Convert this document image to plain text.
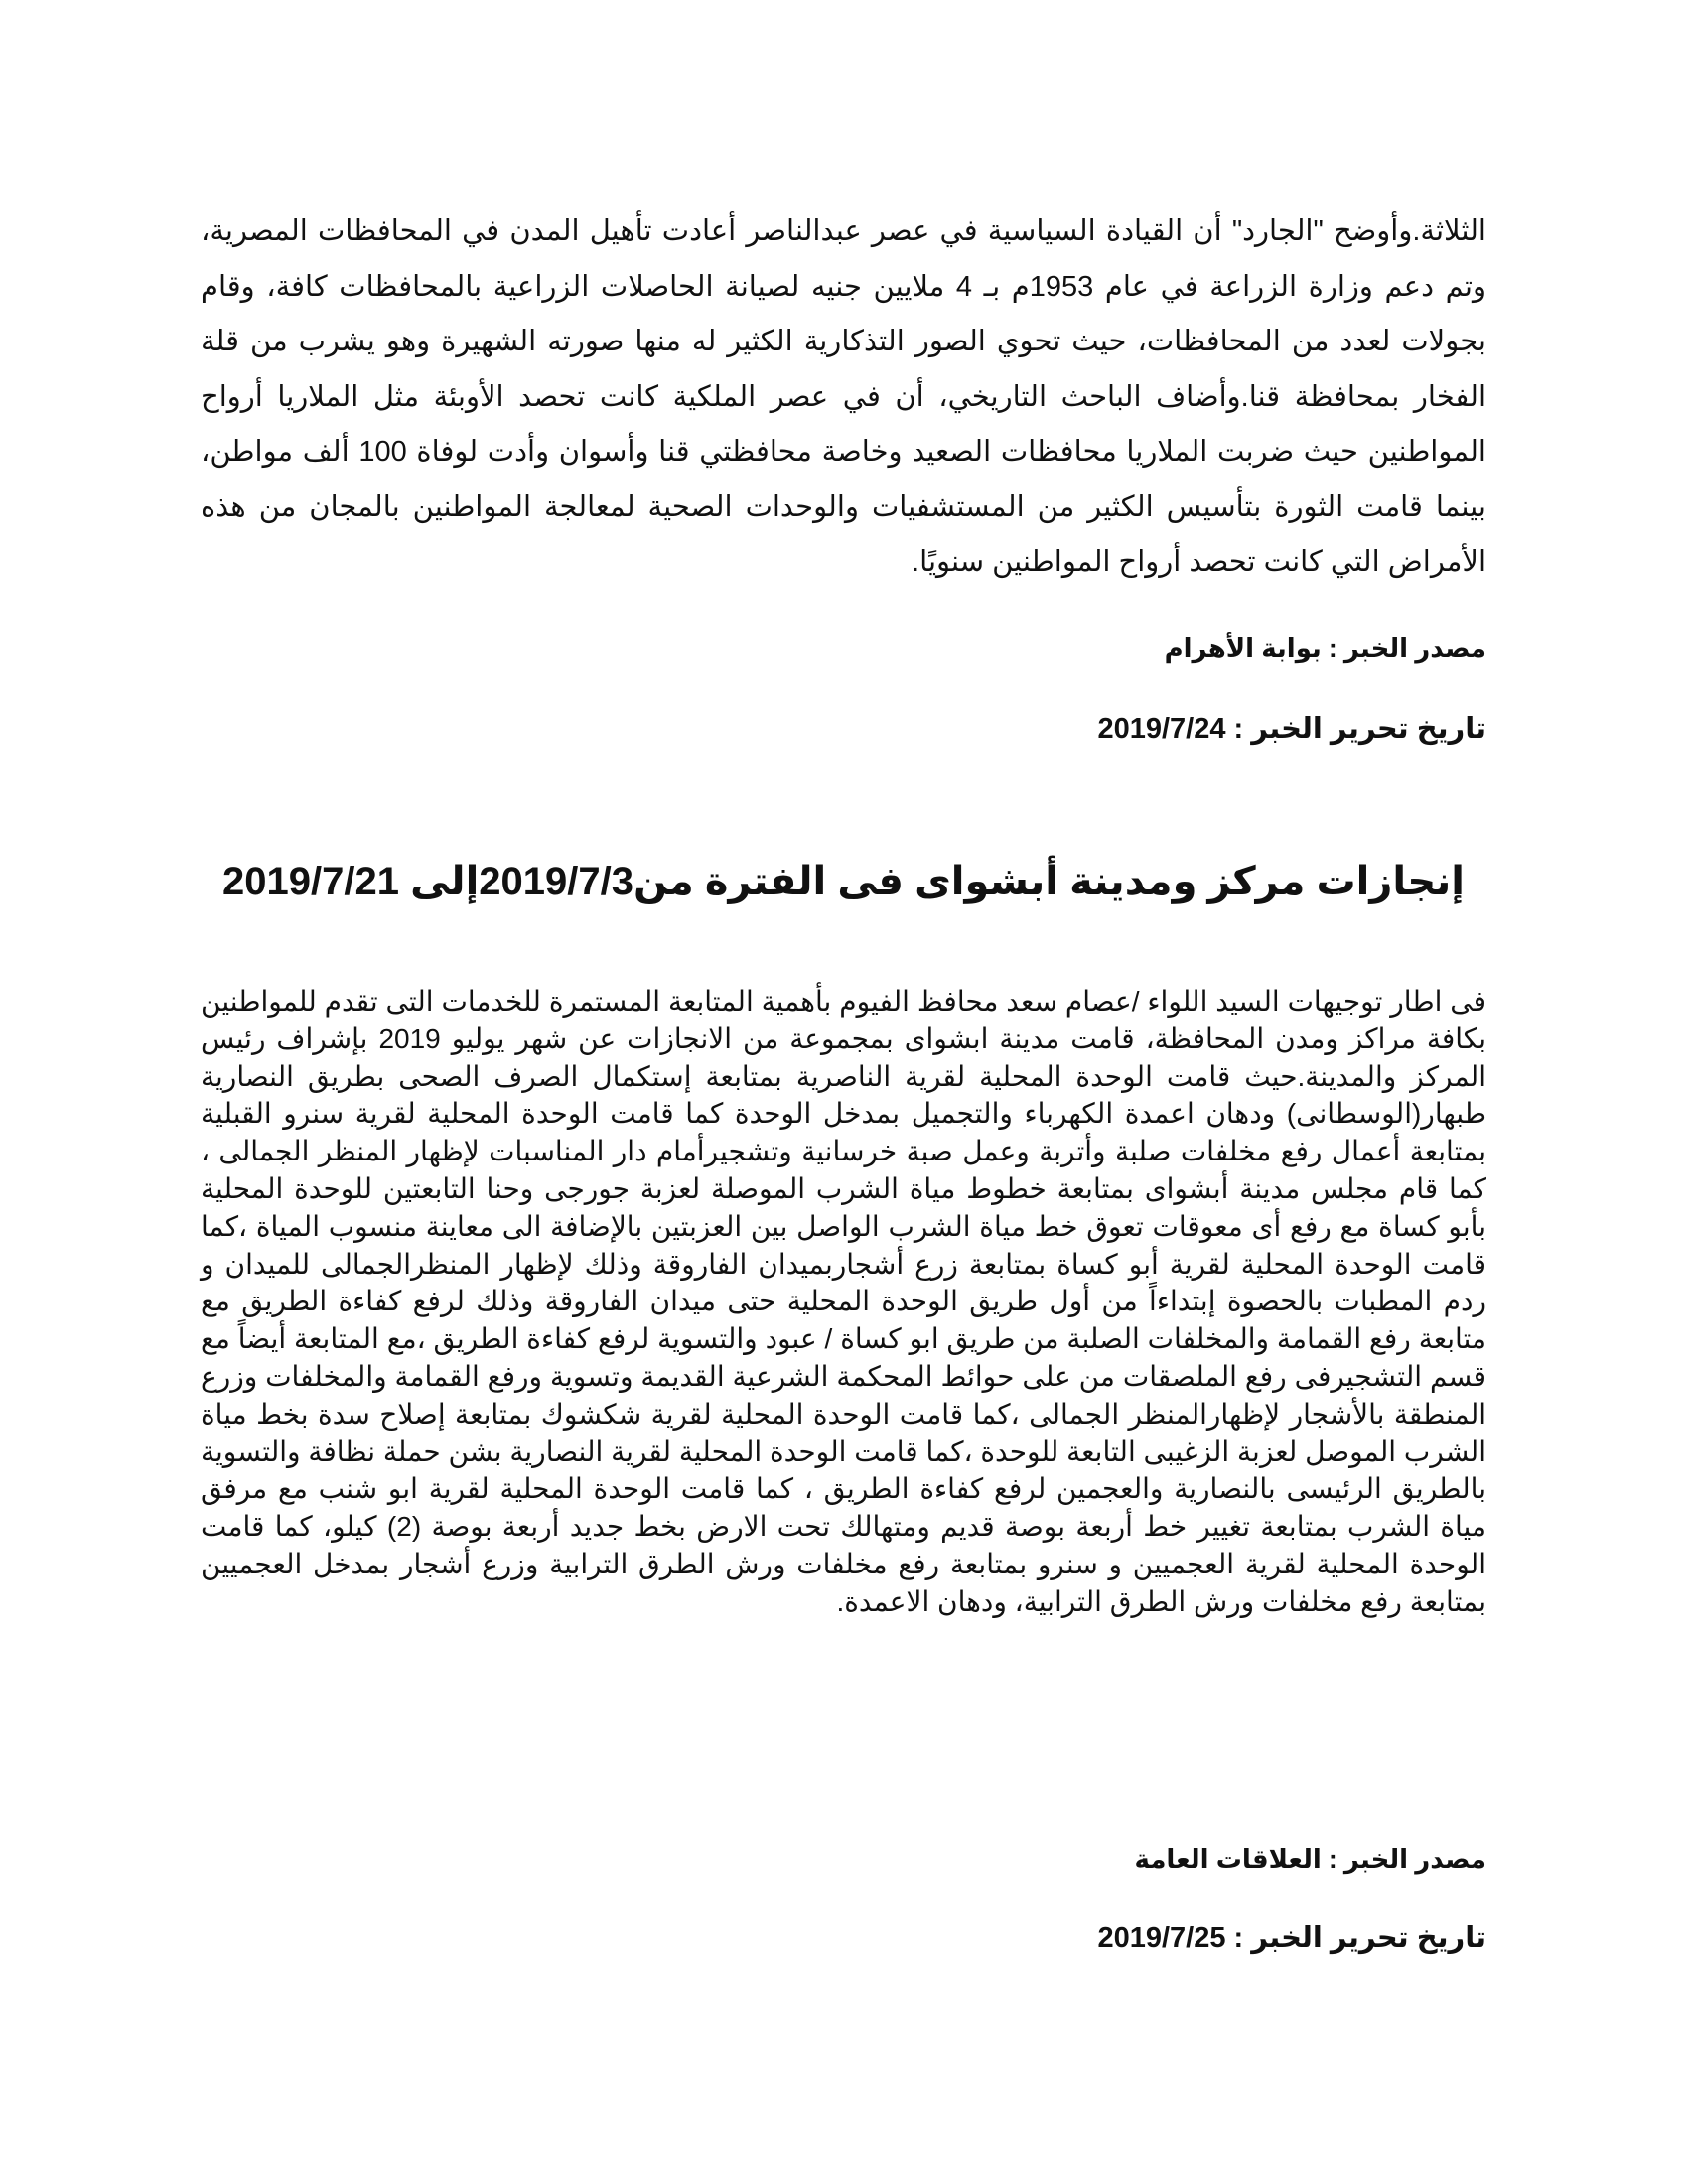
الثلاثة.وأوضح "الجارد" أن القيادة السياسية في عصر عبدالناصر أعادت تأهيل المدن في المحافظات المصرية، وتم دعم وزارة الزراعة في عام 1953م بـ 4 ملايين جنيه لصيانة الحاصلات الزراعية بالمحافظات كافة، وقام بجولات لعدد من المحافظات، حيث تحوي الصور التذكارية الكثير له منها صورته الشهيرة وهو يشرب من قلة الفخار بمحافظة قنا.وأضاف الباحث التاريخي، أن في عصر الملكية كانت تحصد الأوبئة مثل الملاريا أرواح المواطنين حيث ضربت الملاريا محافظات الصعيد وخاصة محافظتي قنا وأسوان وأدت لوفاة 100 ألف مواطن، بينما قامت الثورة بتأسيس الكثير من المستشفيات والوحدات الصحية لمعالجة المواطنين بالمجان من هذه الأمراض التي كانت تحصد أرواح المواطنين سنويًا.

مصدر الخبر : بوابة الأهرام
تاريخ تحرير الخبر : 2019/7/24
إنجازات مركز ومدينة أبشواى فى الفترة من2019/7/3إلى 2019/7/21

فى اطار توجيهات السيد اللواء /عصام سعد محافظ الفيوم بأهمية المتابعة المستمرة للخدمات التى تقدم للمواطنين بكافة مراكز ومدن المحافظة، قامت مدينة ابشواى بمجموعة من الانجازات عن شهر يوليو 2019 بإشراف رئيس المركز والمدينة.حيث قامت الوحدة المحلية لقرية الناصرية بمتابعة إستكمال الصرف الصحى بطريق النصارية طبهار(الوسطانى) ودهان اعمدة الكهرباء والتجميل بمدخل الوحدة كما قامت الوحدة المحلية لقرية سنرو القبلية بمتابعة أعمال رفع مخلفات صلبة وأتربة وعمل صبة خرسانية وتشجيرأمام دار المناسبات لإظهار المنظر الجمالى ، كما قام مجلس مدينة أبشواى بمتابعة خطوط مياة الشرب الموصلة لعزبة جورجى وحنا التابعتين للوحدة المحلية بأبو كساة مع رفع أى معوقات تعوق خط مياة الشرب الواصل بين العزبتين بالإضافة الى معاينة منسوب المياة ،كما قامت الوحدة المحلية لقرية أبو كساة بمتابعة زرع أشجاربميدان الفاروقة وذلك لإظهار المنظرالجمالى للميدان و ردم المطبات بالحصوة إبتداءاً من أول طريق الوحدة المحلية حتى ميدان الفاروقة وذلك لرفع كفاءة الطريق مع متابعة رفع القمامة والمخلفات الصلبة من طريق ابو كساة / عبود والتسوية لرفع كفاءة الطريق ،مع المتابعة أيضاً مع قسم التشجيرفى رفع الملصقات من على حوائط المحكمة الشرعية القديمة وتسوية ورفع القمامة والمخلفات وزرع المنطقة بالأشجار لإظهارالمنظر الجمالى ،كما قامت الوحدة المحلية لقرية شكشوك بمتابعة إصلاح سدة بخط مياة الشرب الموصل لعزبة الزغيبى التابعة للوحدة ،كما قامت الوحدة المحلية لقرية النصارية بشن حملة نظافة والتسوية بالطريق الرئيسى بالنصارية والعجمين لرفع كفاءة الطريق ، كما قامت الوحدة المحلية لقرية ابو شنب مع مرفق مياة الشرب بمتابعة تغيير خط أربعة بوصة قديم ومتهالك تحت الارض بخط جديد أربعة بوصة (2) كيلو، كما قامت الوحدة المحلية لقرية العجميين و سنرو بمتابعة رفع مخلفات ورش الطرق الترابية وزرع أشجار بمدخل العجميين بمتابعة رفع مخلفات ورش الطرق الترابية، ودهان الاعمدة.

مصدر الخبر : العلاقات العامة
تاريخ تحرير الخبر : 2019/7/25
